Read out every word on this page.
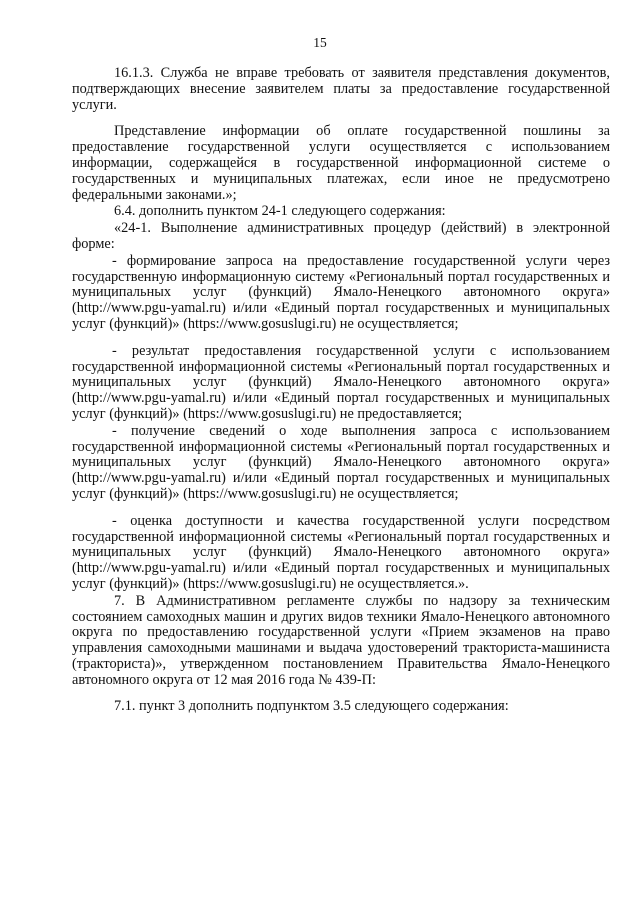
15

16.1.3. Служба не вправе требовать от заявителя представления документов, подтверждающих внесение заявителем платы за предоставление государственной услуги.

Представление информации об оплате государственной пошлины за предоставление государственной услуги осуществляется с использованием информации, содержащейся в государственной информационной системе о государственных и муниципальных платежах, если иное не предусмотрено федеральными законами.»;

6.4. дополнить пунктом 24-1 следующего содержания:

«24-1. Выполнение административных процедур (действий) в электронной форме:

- формирование запроса на предоставление государственной услуги через государственную информационную систему «Региональный портал государственных и муниципальных услуг (функций) Ямало-Ненецкого автономного округа» (http://www.pgu-yamal.ru) и/или «Единый портал государственных и муниципальных услуг (функций)» (https://www.gosuslugi.ru) не осуществляется;

- результат предоставления государственной услуги с использованием государственной информационной системы «Региональный портал государственных и муниципальных услуг (функций) Ямало-Ненецкого автономного округа» (http://www.pgu-yamal.ru) и/или «Единый портал государственных и муниципальных услуг (функций)» (https://www.gosuslugi.ru) не предоставляется;

- получение сведений о ходе выполнения запроса с использованием государственной информационной системы «Региональный портал государственных и муниципальных услуг (функций) Ямало-Ненецкого автономного округа» (http://www.pgu-yamal.ru) и/или «Единый портал государственных и муниципальных услуг (функций)» (https://www.gosuslugi.ru) не осуществляется;

- оценка доступности и качества государственной услуги посредством государственной информационной системы «Региональный портал государственных и муниципальных услуг (функций) Ямало-Ненецкого автономного округа» (http://www.pgu-yamal.ru) и/или «Единый портал государственных и муниципальных услуг (функций)» (https://www.gosuslugi.ru) не осуществляется.».

7. В Административном регламенте службы по надзору за техническим состоянием самоходных машин и других видов техники Ямало-Ненецкого автономного округа по предоставлению государственной услуги «Прием экзаменов на право управления самоходными машинами и выдача удостоверений тракториста-машиниста (тракториста)», утвержденном постановлением Правительства Ямало-Ненецкого автономного округа от 12 мая 2016 года № 439-П:

7.1. пункт 3 дополнить подпунктом 3.5 следующего содержания:
